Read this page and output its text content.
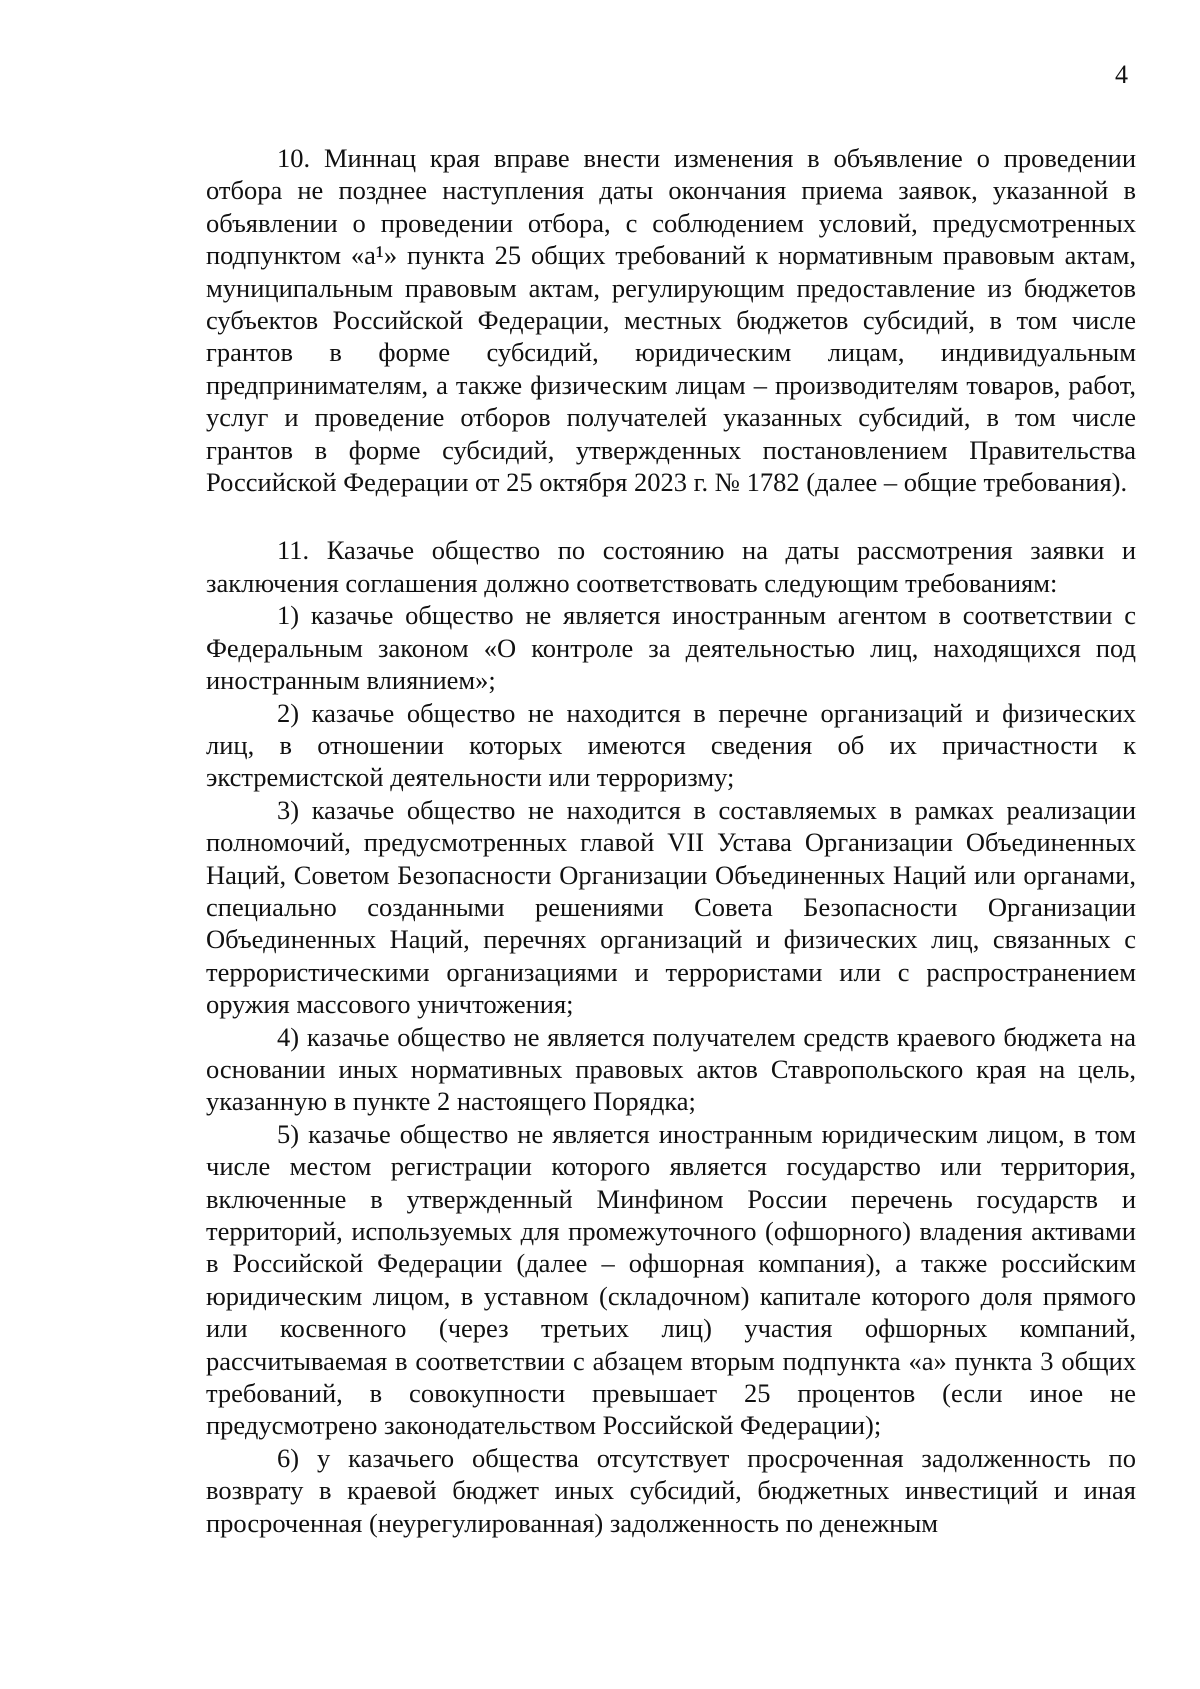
4

10. Миннац края вправе внести изменения в объявление о проведении отбора не позднее наступления даты окончания приема заявок, указанной в объявлении о проведении отбора, с соблюдением условий, предусмотренных подпунктом «а¹» пункта 25 общих требований к нормативным правовым актам, муниципальным правовым актам, регулирующим предоставление из бюджетов субъектов Российской Федерации, местных бюджетов субсидий, в том числе грантов в форме субсидий, юридическим лицам, индивидуальным предпринимателям, а также физическим лицам – производителям товаров, работ, услуг и проведение отборов получателей указанных субсидий, в том числе грантов в форме субсидий, утвержденных постановлением Правительства Российской Федерации от 25 октября 2023 г. № 1782 (далее – общие требования).

11. Казачье общество по состоянию на даты рассмотрения заявки и заключения соглашения должно соответствовать следующим требованиям:

1) казачье общество не является иностранным агентом в соответствии с Федеральным законом «О контроле за деятельностью лиц, находящихся под иностранным влиянием»;

2) казачье общество не находится в перечне организаций и физических лиц, в отношении которых имеются сведения об их причастности к экстремистской деятельности или терроризму;

3) казачье общество не находится в составляемых в рамках реализации полномочий, предусмотренных главой VII Устава Организации Объединенных Наций, Советом Безопасности Организации Объединенных Наций или органами, специально созданными решениями Совета Безопасности Организации Объединенных Наций, перечнях организаций и физических лиц, связанных с террористическими организациями и террористами или с распространением оружия массового уничтожения;

4) казачье общество не является получателем средств краевого бюджета на основании иных нормативных правовых актов Ставропольского края на цель, указанную в пункте 2 настоящего Порядка;

5) казачье общество не является иностранным юридическим лицом, в том числе местом регистрации которого является государство или территория, включенные в утвержденный Минфином России перечень государств и территорий, используемых для промежуточного (офшорного) владения активами в Российской Федерации (далее – офшорная компания), а также российским юридическим лицом, в уставном (складочном) капитале которого доля прямого или косвенного (через третьих лиц) участия офшорных компаний, рассчитываемая в соответствии с абзацем вторым подпункта «а» пункта 3 общих требований, в совокупности превышает 25 процентов (если иное не предусмотрено законодательством Российской Федерации);

6) у казачьего общества отсутствует просроченная задолженность по возврату в краевой бюджет иных субсидий, бюджетных инвестиций и иная просроченная (неурегулированная) задолженность по денежным
